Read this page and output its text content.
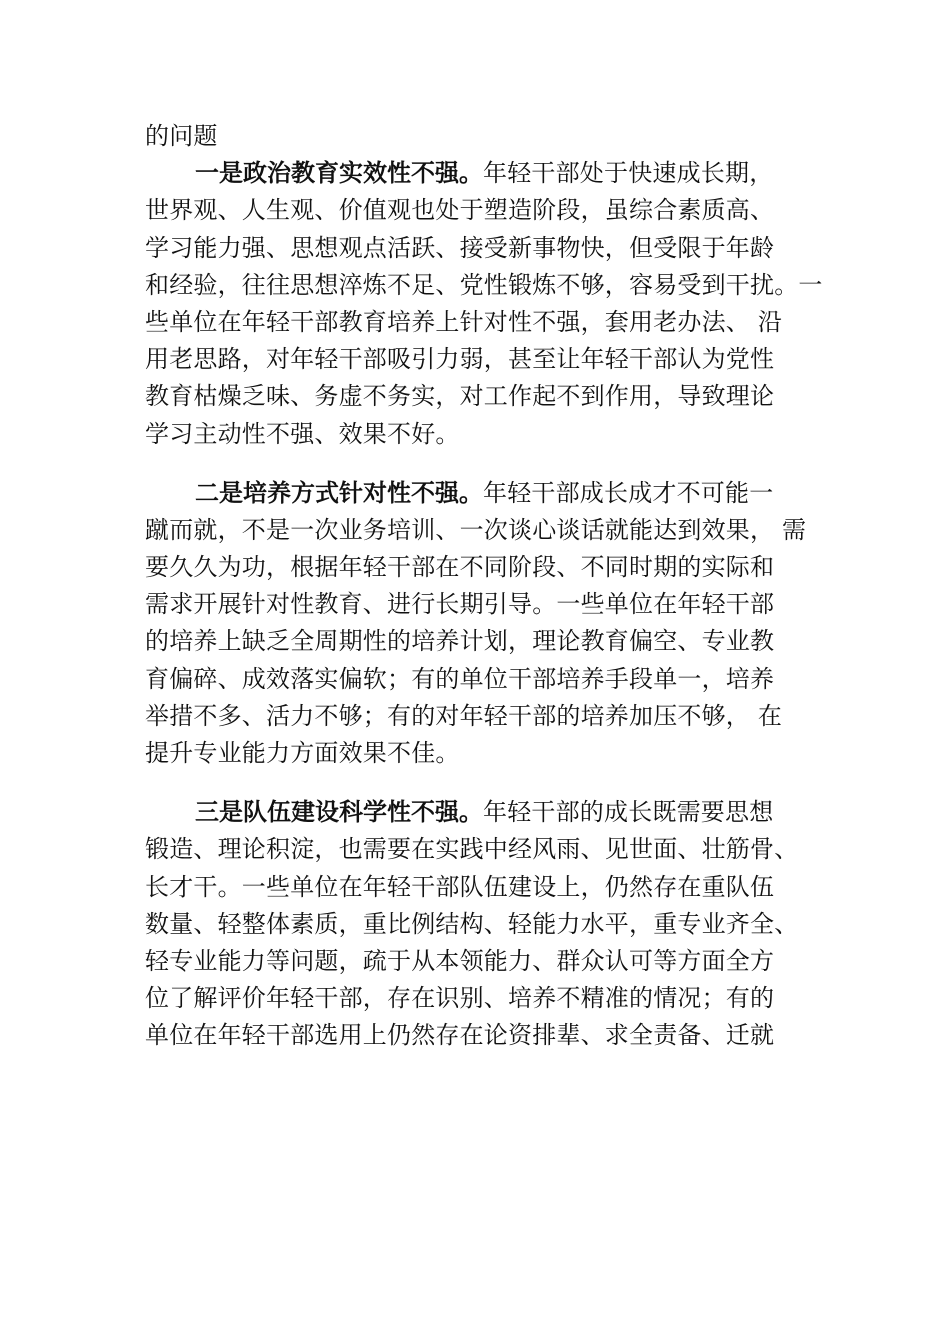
的问题
一是政治教育实效性不强。年轻干部处于快速成长期，
世界观、人生观、价值观也处于塑造阶段，虽综合素质高、
学习能力强、思想观点活跃、接受新事物快，但受限于年龄
和经验，往往思想淬炼不足、党性锻炼不够，容易受到干扰。一
些单位在年轻干部教育培养上针对性不强，套用老办法、 沿
用老思路，对年轻干部吸引力弱，甚至让年轻干部认为党性
教育枯燥乏味、务虚不务实，对工作起不到作用，导致理论
学习主动性不强、效果不好。
二是培养方式针对性不强。年轻干部成长成才不可能一
蹴而就，不是一次业务培训、一次谈心谈话就能达到效果， 需
要久久为功，根据年轻干部在不同阶段、不同时期的实际和
需求开展针对性教育、进行长期引导。一些单位在年轻干部
的培养上缺乏全周期性的培养计划，理论教育偏空、专业教
育偏碎、成效落实偏软；有的单位干部培养手段单一，培养
举措不多、活力不够；有的对年轻干部的培养加压不够， 在
提升专业能力方面效果不佳。
三是队伍建设科学性不强。年轻干部的成长既需要思想
锻造、理论积淀，也需要在实践中经风雨、见世面、壮筋骨、
长才干。一些单位在年轻干部队伍建设上，仍然存在重队伍
数量、轻整体素质，重比例结构、轻能力水平，重专业齐全、
轻专业能力等问题，疏于从本领能力、群众认可等方面全方
位了解评价年轻干部，存在识别、培养不精准的情况；有的
单位在年轻干部选用上仍然存在论资排辈、求全责备、迁就
